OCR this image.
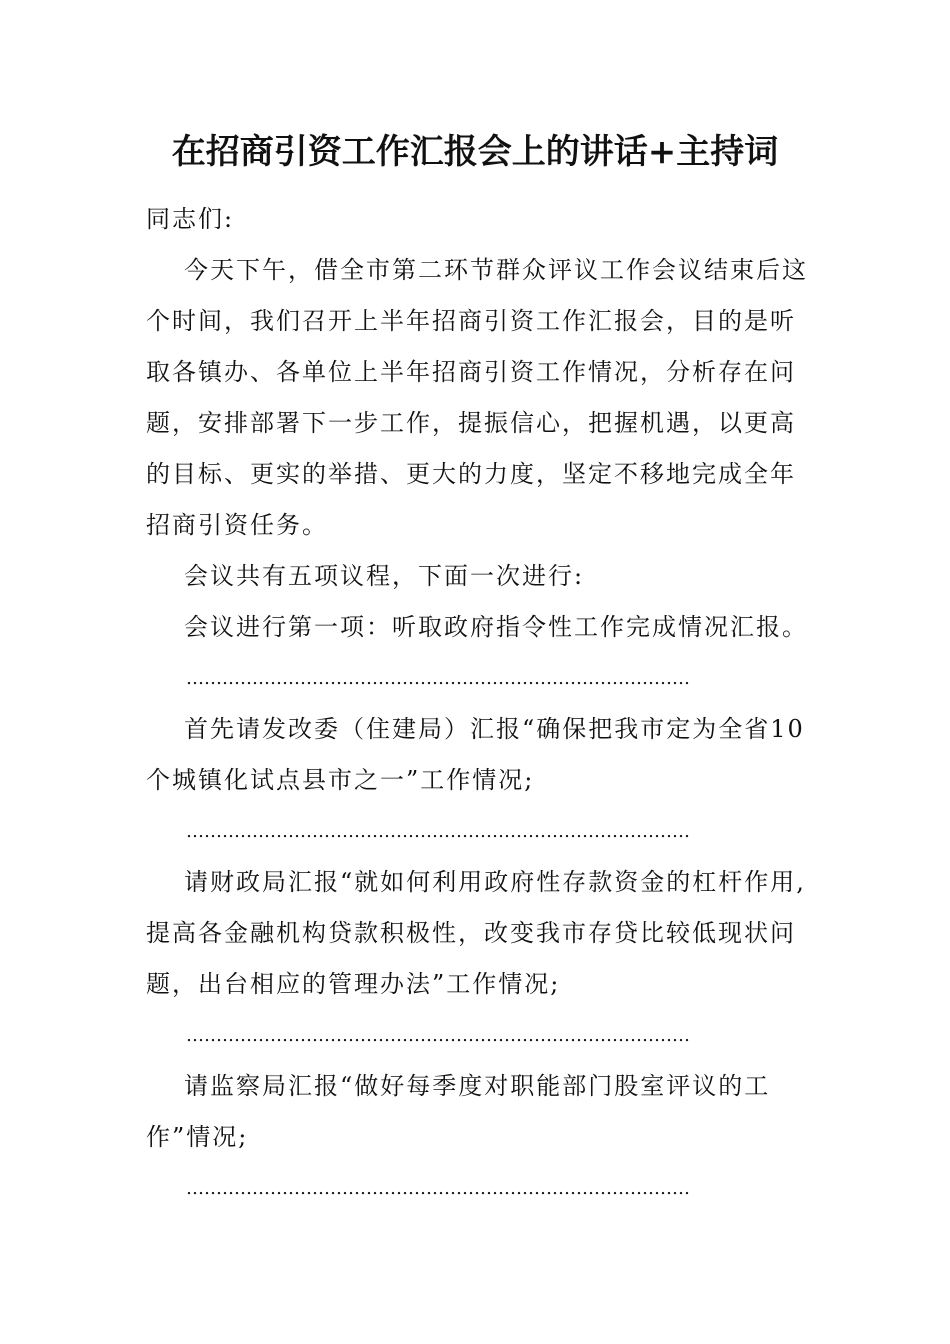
在招商引资工作汇报会上的讲话+主持词
同志们:
今天下午，借全市第二环节群众评议工作会议结束后这
个时间，我们召开上半年招商引资工作汇报会，目的是听
取各镇办、各单位上半年招商引资工作情况，分析存在问
题，安排部署下一步工作，提振信心，把握机遇，以更高
的目标、更实的举措、更大的力度，坚定不移地完成全年
招商引资任务。
会议共有五项议程，下面一次进行:
会议进行第一项：听取政府指令性工作完成情况汇报。
…………………………………………………………………………
首先请发改委（住建局）汇报“确保把我市定为全省10
个城镇化试点县市之一”工作情况;
…………………………………………………………………………
请财政局汇报“就如何利用政府性存款资金的杠杆作用,
提高各金融机构贷款积极性，改变我市存贷比较低现状问
题，出台相应的管理办法”工作情况;
…………………………………………………………………………
请监察局汇报“做好每季度对职能部门股室评议的工
作”情况;
…………………………………………………………………………
